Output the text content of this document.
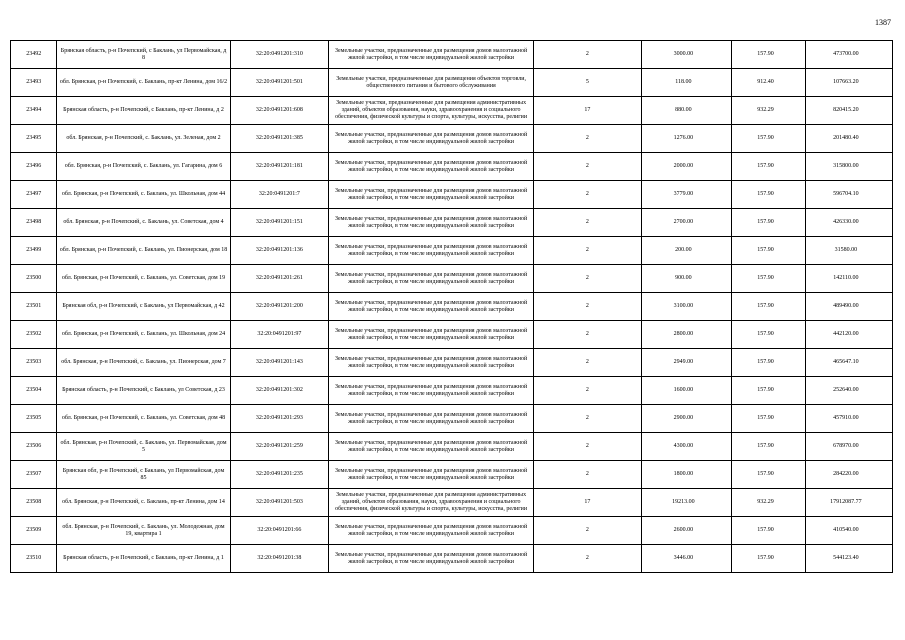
1387
23492	Брянская область, р-н Почепский, с Баклань, ул Первомайская, д 8	32:20:0491201:310	Земельные участки, предназначенные для размещения домов малоэтажной жилой застройки, в том числе индивидуальной жилой застройки	2	3000.00	157.90	473700.00
23493	обл. Брянская, р-н Почепский, с. Баклань, пр-кт Ленина, дом 16/2	32:20:0491201:501	Земельные участки, предназначенные для размещения объектов торговли, общественного питания и бытового обслуживания	5	118.00	912.40	107663.20
23494	Брянская область, р-н Почепский, с Баклань, пр-кт Ленина, д 2	32:20:0491201:608	Земельные участки, предназначенные для размещения административных зданий, объектов образования, науки, здравоохранения и социального обеспечения, физической культуры и спорта, культуры, искусства, религии	17	880.00	932.29	820415.20
23495	обл. Брянская, р-н Почепский, с. Баклань, ул. Зеленая, дом 2	32:20:0491201:385	Земельные участки, предназначенные для размещения домов малоэтажной жилой застройки, в том числе индивидуальной жилой застройки	2	1276.00	157.90	201480.40
23496	обл. Брянская, р-н Почепский, с. Баклань, ул. Гагарина, дом 6	32:20:0491201:181	Земельные участки, предназначенные для размещения домов малоэтажной жилой застройки, в том числе индивидуальной жилой застройки	2	2000.00	157.90	315800.00
23497	обл. Брянская, р-н Почепский, с. Баклань, ул. Школьная, дом 44	32:20:0491201:7	Земельные участки, предназначенные для размещения домов малоэтажной жилой застройки, в том числе индивидуальной жилой застройки	2	3779.00	157.90	596704.10
23498	обл. Брянская, р-н Почепский, с. Баклань, ул. Советская, дом 4	32:20:0491201:151	Земельные участки, предназначенные для размещения домов малоэтажной жилой застройки, в том числе индивидуальной жилой застройки	2	2700.00	157.90	426330.00
23499	обл. Брянская, р-н Почепский, с. Баклань, ул. Пионерская, дом 18	32:20:0491201:136	Земельные участки, предназначенные для размещения домов малоэтажной жилой застройки, в том числе индивидуальной жилой застройки	2	200.00	157.90	31580.00
23500	обл. Брянская, р-н Почепский, с. Баклань, ул. Советская, дом 19	32:20:0491201:261	Земельные участки, предназначенные для размещения домов малоэтажной жилой застройки, в том числе индивидуальной жилой застройки	2	900.00	157.90	142110.00
23501	Брянская обл, р-н Почепский, с Баклань, ул Первомайская, д 42	32:20:0491201:200	Земельные участки, предназначенные для размещения домов малоэтажной жилой застройки, в том числе индивидуальной жилой застройки	2	3100.00	157.90	489490.00
23502	обл. Брянская, р-н Почепский, с. Баклань, ул. Школьная, дом 24	32:20:0491201:97	Земельные участки, предназначенные для размещения домов малоэтажной жилой застройки, в том числе индивидуальной жилой застройки	2	2800.00	157.90	442120.00
23503	обл. Брянская, р-н Почепский, с. Баклань, ул. Пионерская, дом 7	32:20:0491201:143	Земельные участки, предназначенные для размещения домов малоэтажной жилой застройки, в том числе индивидуальной жилой застройки	2	2949.00	157.90	465647.10
23504	Брянская область, р-н Почепский, с Баклань, ул Советская, д 23	32:20:0491201:302	Земельные участки, предназначенные для размещения домов малоэтажной жилой застройки, в том числе индивидуальной жилой застройки	2	1600.00	157.90	252640.00
23505	обл. Брянская, р-н Почепский, с. Баклань, ул. Советская, дом 48	32:20:0491201:293	Земельные участки, предназначенные для размещения домов малоэтажной жилой застройки, в том числе индивидуальной жилой застройки	2	2900.00	157.90	457910.00
23506	обл. Брянская, р-н Почепский, с. Баклань, ул. Первомайская, дом 5	32:20:0491201:259	Земельные участки, предназначенные для размещения домов малоэтажной жилой застройки, в том числе индивидуальной жилой застройки	2	4300.00	157.90	678970.00
23507	Брянская обл, р-н Почепский, с Баклань, ул Первомайская, дом 85	32:20:0491201:235	Земельные участки, предназначенные для размещения домов малоэтажной жилой застройки, в том числе индивидуальной жилой застройки	2	1800.00	157.90	284220.00
23508	обл. Брянская, р-н Почепский, с. Баклань, пр-кт Ленина, дом 14	32:20:0491201:503	Земельные участки, предназначенные для размещения административных зданий, объектов образования, науки, здравоохранения и социального обеспечения, физической культуры и спорта, культуры, искусства, религии	17	19213.00	932.29	17912087.77
23509	обл. Брянская, р-н Почепский, с. Баклань, ул. Молодежная, дом 19, квартира 1	32:20:0491201:66	Земельные участки, предназначенные для размещения домов малоэтажной жилой застройки, в том числе индивидуальной жилой застройки	2	2600.00	157.90	410540.00
23510	Брянская область, р-н Почепский, с Баклань, пр-кт Ленина, д 1	32:20:0491201:38	Земельные участки, предназначенные для размещения домов малоэтажной жилой застройки, в том числе индивидуальной жилой застройки	2	3446.00	157.90	544123.40
